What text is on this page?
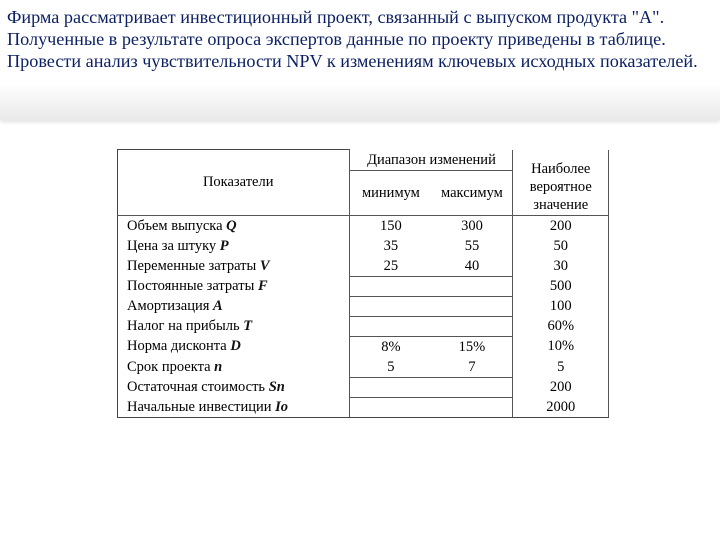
Фирма рассматривает инвестиционный проект, связанный с выпуском продукта "А". Полученные в результате опроса экспертов данные по проекту приведены в таблице. Провести анализ чувствительности NPV к изменениям ключевых исходных показателей.

Показатели	Диапазон изменений		Наиболее
вероятное
значение

	минимум	максимум	
Объем выпуска Q	150	300	200
Цена за штуку P	35	55	50
Переменные затраты V	25	40	30
Постоянные затраты F			500
Амортизация A			100
Налог на прибыль T			60%
Норма дисконта D	8%	15%	10%
Срок проекта n	5	7	5
Остаточная стоимость Sn			200
Начальные инвестиции Io			2000
